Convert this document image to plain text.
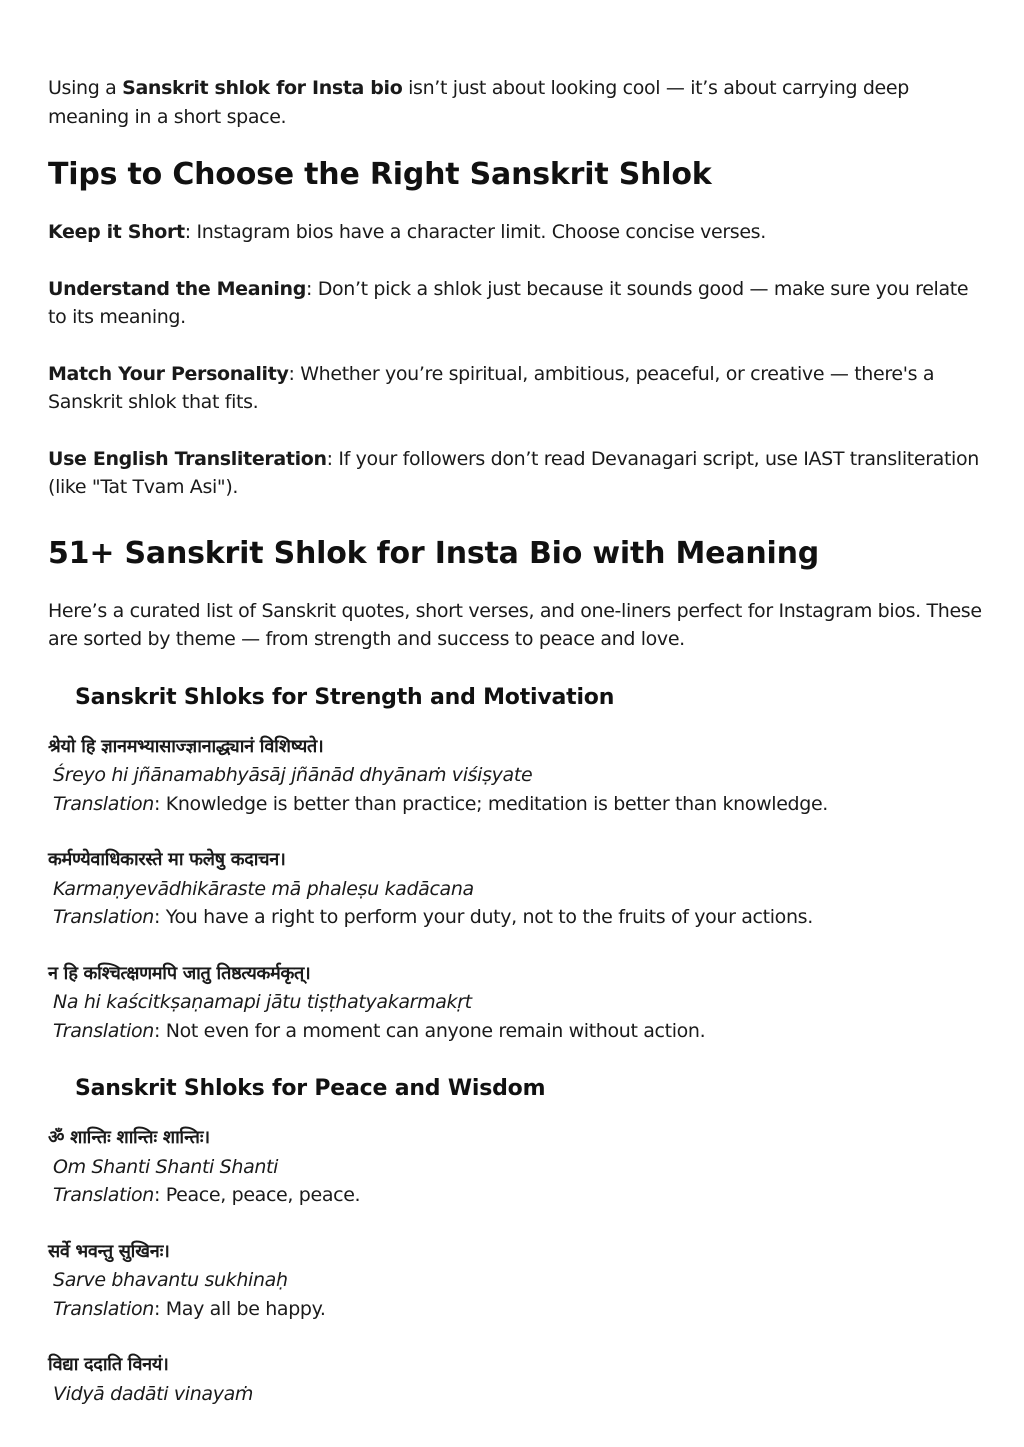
Using a Sanskrit shlok for Insta bio isn’t just about looking cool — it’s about carrying deep meaning in a short space.

Tips to Choose the Right Sanskrit Shlok

Keep it Short: Instagram bios have a character limit. Choose concise verses.

Understand the Meaning: Don’t pick a shlok just because it sounds good — make sure you relate to its meaning.

Match Your Personality: Whether you’re spiritual, ambitious, peaceful, or creative — there's a Sanskrit shlok that fits.

Use English Transliteration: If your followers don’t read Devanagari script, use IAST transliteration (like "Tat Tvam Asi").

51+ Sanskrit Shlok for Insta Bio with Meaning

Here’s a curated list of Sanskrit quotes, short verses, and one-liners perfect for Instagram bios. These are sorted by theme — from strength and success to peace and love.

Sanskrit Shloks for Strength and Motivation

श्रेयो हि ज्ञानमभ्यासाज्ज्ञानाद्ध्यानं विशिष्यते।

Śreyo hi jñānamabhyāsāj jñānād dhyānaṁ viśiṣyate

Translation: Knowledge is better than practice; meditation is better than knowledge.

कर्मण्येवाधिकारस्ते मा फलेषु कदाचन।

Karmaṇyevādhikāraste mā phaleṣu kadācana

Translation: You have a right to perform your duty, not to the fruits of your actions.

न हि कश्चित्क्षणमपि जातु तिष्ठत्यकर्मकृत्।

Na hi kaścitkṣaṇamapi jātu tiṣṭhatyakarmakṛt

Translation: Not even for a moment can anyone remain without action.

Sanskrit Shloks for Peace and Wisdom

ॐ शान्तिः शान्तिः शान्तिः।

Om Shanti Shanti Shanti

Translation: Peace, peace, peace.

सर्वे भवन्तु सुखिनः।

Sarve bhavantu sukhinaḥ

Translation: May all be happy.

विद्या ददाति विनयं।

Vidyā dadāti vinayaṁ
